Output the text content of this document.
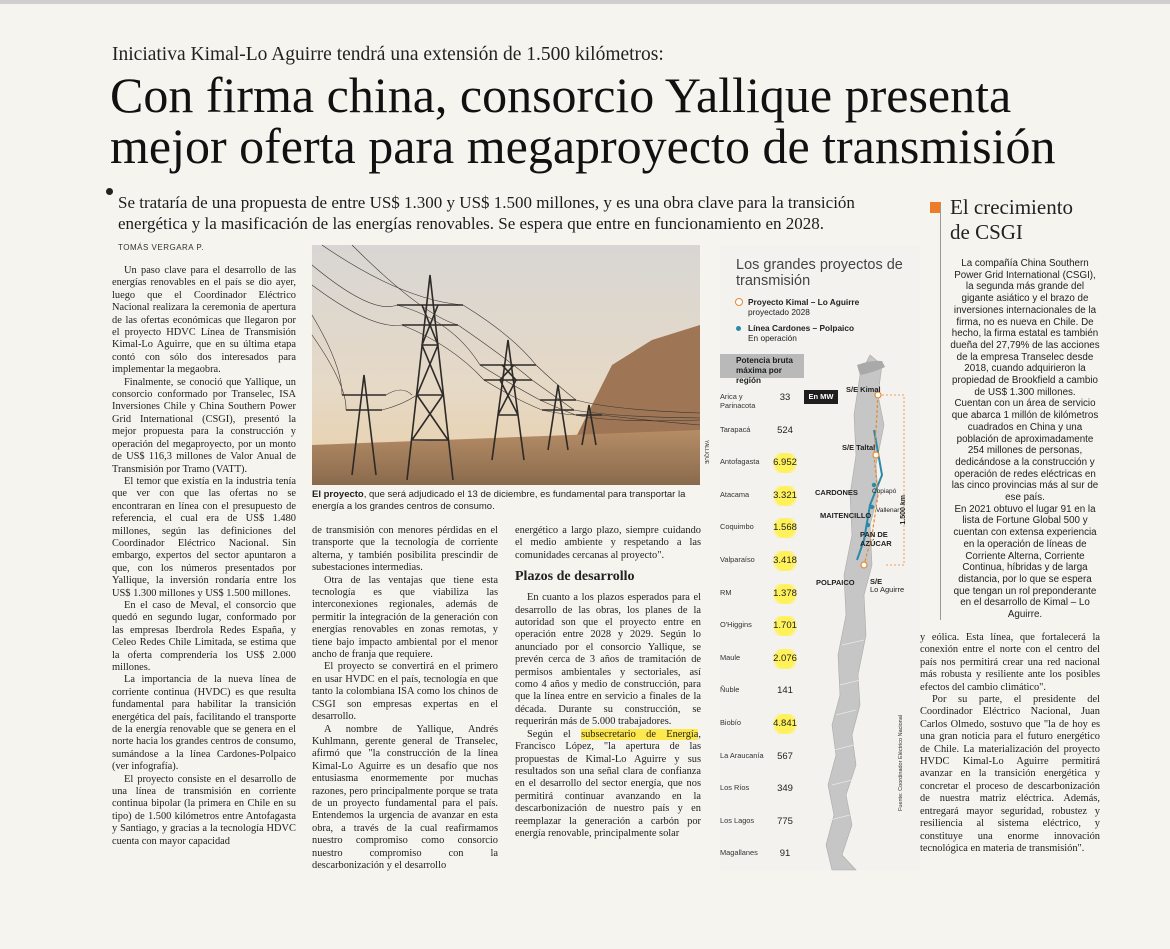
Iniciativa Kimal-Lo Aguirre tendrá una extensión de 1.500 kilómetros:
Con firma china, consorcio Yallique presenta
mejor oferta para megaproyecto de transmisión
Se trataría de una propuesta de entre US$ 1.300 y US$ 1.500 millones, y es una obra clave para la transición energética y la masificación de las energías renovables. Se espera que entre en funcionamiento en 2028.
TOMÁS VERGARA P.

Un paso clave para el desarrollo de las energías renovables en el país se dio ayer, luego que el Coordinador Eléctrico Nacional realizara la ceremonia de apertura de las ofertas económicas que llegaron por el proyecto HDVC Línea de Transmisión Kimal-Lo Aguirre, que en su última etapa contó con sólo dos interesados para implementar la megaobra.

Finalmente, se conoció que Yallique, un consorcio conformado por Transelec, ISA Inversiones Chile y China Southern Power Grid International (CSGI), presentó la mejor propuesta para la construcción y operación del megaproyecto, por un monto de US$ 116,3 millones de Valor Anual de Transmisión por Tramo (VATT).

El temor que existía en la industria tenía que ver con que las ofertas no se encontraran en línea con el presupuesto de referencia, el cual era de US$ 1.480 millones, según las definiciones del Coordinador Eléctrico Nacional. Sin embargo, expertos del sector apuntaron a que, con los números presentados por Yallique, la inversión rondaría entre los US$ 1.300 millones y US$ 1.500 millones.

En el caso de Meval, el consorcio que quedó en segundo lugar, conformado por las empresas Iberdrola Redes España, y Celeo Redes Chile Limitada, se estima que la oferta comprendería los US$ 2.000 millones.

La importancia de la nueva línea de corriente continua (HVDC) es que resulta fundamental para habilitar la transición energética del país, facilitando el transporte de la energía renovable que se genera en el norte hacia los grandes centros de consumo, sumándose a la línea Cardones-Polpaico (ver infografía).

El proyecto consiste en el desarrollo de una línea de transmisión en corriente continua bipolar (la primera en Chile en su tipo) de 1.500 kilómetros entre Antofagasta y Santiago, y gracias a la tecnología HDVC cuenta con mayor capacidad

YALLIQUE
El proyecto, que será adjudicado el 13 de diciembre, es fundamental para transportar la energía a los grandes centros de consumo.

de transmisión con menores pérdidas en el transporte que la tecnología de corriente alterna, y también posibilita prescindir de subestaciones intermedias.

Otra de las ventajas que tiene esta tecnología es que viabiliza las interconexiones regionales, además de permitir la integración de la generación con energías renovables en zonas remotas, y tiene bajo impacto ambiental por el menor ancho de franja que requiere.

El proyecto se convertirá en el primero en usar HVDC en el país, tecnología en que tanto la colombiana ISA como los chinos de CSGI son empresas expertas en el desarrollo.

A nombre de Yallique, Andrés Kuhlmann, gerente general de Transelec, afirmó que "la construcción de la línea Kimal-Lo Aguirre es un desafío que nos entusiasma enormemente por muchas razones, pero principalmente porque se trata de un proyecto fundamental para el país. Entendemos la urgencia de avanzar en esta obra, a través de la cual reafirmamos nuestro compromiso como consorcio nuestro compromiso con la descarbonización y el desarrollo

energético a largo plazo, siempre cuidando el medio ambiente y respetando a las comunidades cercanas al proyecto".

Plazos de desarrollo

En cuanto a los plazos esperados para el desarrollo de las obras, los planes de la autoridad son que el proyecto entre en operación entre 2028 y 2029. Según lo anunciado por el consorcio Yallique, se prevén cerca de 3 años de tramitación de permisos ambientales y sectoriales, así como 4 años y medio de construcción, para que la línea entre en servicio a finales de la década. Durante su construcción, se requerirán más de 5.000 trabajadores.

Según el subsecretario de Energía, Francisco López, "la apertura de las propuestas de Kimal-Lo Aguirre y sus resultados son una señal clara de confianza en el desarrollo del sector energía, que nos permitirá continuar avanzando en la descarbonización de nuestro país y en reemplazar la generación a carbón por energía renovable, principalmente solar

Los grandes proyectos de transmisión
Proyecto Kimal – Lo Aguirre
proyectado 2028
Línea Cardones – Polpaico
En operación
Potencia bruta máxima por región
En MW
Arica y Parinacota
33
Tarapacá	524
Antofagasta	6.952
Atacama	3.321
Coquimbo	1.568
Valparaíso	3.418
RM	1.378
O'Higgins	1.701
Maule	2.076
Ñuble	141
Biobío	4.841
La Araucanía	567
Los Ríos	349
Los Lagos	775
Magallanes	91
S/E Kimal
S/E Taltal
CARDONES Copiapó
Vallenar
MAITENCILLO
PAN DE
AZÚCAR
POLPAICO S/E
Lo Aguirre
1.500 km
Fuente: Coordinador Eléctrico Nacional
El crecimiento
de CSGI

La compañía China Southern Power Grid International (CSGI), la segunda más grande del gigante asiático y el brazo de inversiones internacionales de la firma, no es nueva en Chile. De hecho, la firma estatal es también dueña del 27,79% de las acciones de la empresa Transelec desde 2018, cuando adquirieron la propiedad de Brookfield a cambio de US$ 1.300 millones.

Cuentan con un área de servicio que abarca 1 millón de kilómetros cuadrados en China y una población de aproximadamente 254 millones de personas, dedicándose a la construcción y operación de redes eléctricas en las cinco provincias más al sur de ese país.

En 2021 obtuvo el lugar 91 en la lista de Fortune Global 500 y cuentan con extensa experiencia en la operación de líneas de Corriente Alterna, Corriente Continua, híbridas y de larga distancia, por lo que se espera que tengan un rol preponderante en el desarrollo de Kimal – Lo Aguirre.

y eólica. Esta línea, que fortalecerá la conexión entre el norte con el centro del país nos permitirá crear una red nacional más robusta y resiliente ante los posibles efectos del cambio climático".

Por su parte, el presidente del Coordinador Eléctrico Nacional, Juan Carlos Olmedo, sostuvo que "la de hoy es una gran noticia para el futuro energético de Chile. La materialización del proyecto HVDC Kimal-Lo Aguirre permitirá avanzar en la transición energética y concretar el proceso de descarbonización de nuestra matriz eléctrica. Además, entregará mayor seguridad, robustez y resiliencia al sistema eléctrico, y constituye una enorme innovación tecnológica en materia de transmisión".
